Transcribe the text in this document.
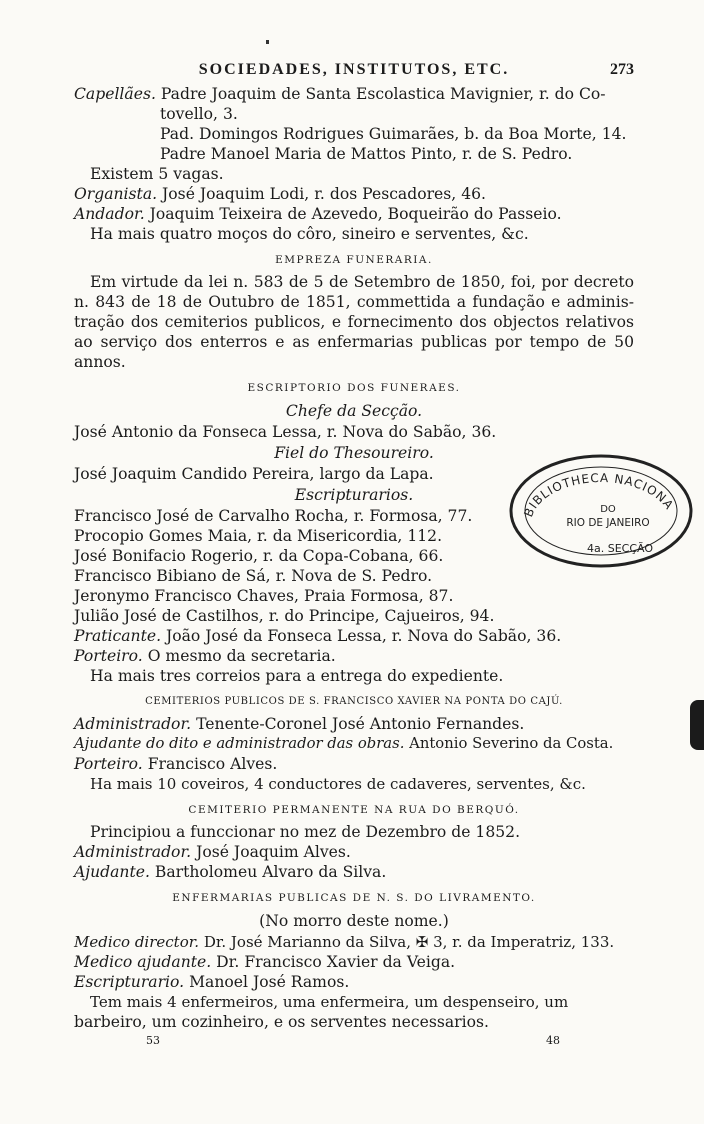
SOCIEDADES, INSTITUTOS, ETC.	273
Capellães. Padre Joaquim de Santa Escolastica Mavignier, r. do Co-
tovello, 3.
Pad. Domingos Rodrigues Guimarães, b. da Boa Morte, 14.
Padre Manoel Maria de Mattos Pinto, r. de S. Pedro.
Existem 5 vagas.
Organista. José Joaquim Lodi, r. dos Pescadores, 46.
Andador. Joaquim Teixeira de Azevedo, Boqueirão do Passeio.
Ha mais quatro moços do côro, sineiro e serventes, &c.
EMPREZA FUNERARIA.
Em virtude da lei n. 583 de 5 de Setembro de 1850, foi, por decreto n. 843 de 18 de Outubro de 1851, commettida a fundação e administração dos cemiterios publicos, e fornecimento dos objectos relativos ao serviço dos enterros e as enfermarias publicas por tempo de 50 annos.
ESCRIPTORIO DOS FUNERAES.
Chefe da Secção.
José Antonio da Fonseca Lessa, r. Nova do Sabão, 36.
Fiel do Thesoureiro.
José Joaquim Candido Pereira, largo da Lapa.
Escripturarios.
Francisco José de Carvalho Rocha, r. Formosa, 77.
Procopio Gomes Maia, r. da Misericordia, 112.
José Bonifacio Rogerio, r. da Copa-Cobana, 66.
Francisco Bibiano de Sá, r. Nova de S. Pedro.
Jeronymo Francisco Chaves, Praia Formosa, 87.
Julião José de Castilhos, r. do Principe, Cajueiros, 94.
Praticante. João José da Fonseca Lessa, r. Nova do Sabão, 36.
Porteiro. O mesmo da secretaria.
Ha mais tres correios para a entrega do expediente.
CEMITERIOS PUBLICOS DE S. FRANCISCO XAVIER NA PONTA DO CAJÚ.
Administrador. Tenente-Coronel José Antonio Fernandes.
Ajudante do dito e administrador das obras. Antonio Severino da Costa.
Porteiro. Francisco Alves.
Ha mais 10 coveiros, 4 conductores de cadaveres, serventes, &c.
CEMITERIO PERMANENTE NA RUA DO BERQUÓ.
Principiou a funccionar no mez de Dezembro de 1852.
Administrador. José Joaquim Alves.
Ajudante. Bartholomeu Alvaro da Silva.
ENFERMARIAS PUBLICAS DE N. S. DO LIVRAMENTO.
(No morro deste nome.)
Medico director. Dr. José Marianno da Silva, ✠ 3, r. da Imperatriz, 133.
Medico ajudante. Dr. Francisco Xavier da Veiga.
Escripturario. Manoel José Ramos.
Tem mais 4 enfermeiros, uma enfermeira, um despenseiro, um
barbeiro, um cozinheiro, e os serventes necessarios.
53	48
BIBLIOTHECA NACIONA
DO
RIO DE JANEIRO
4a. SECÇÃO
